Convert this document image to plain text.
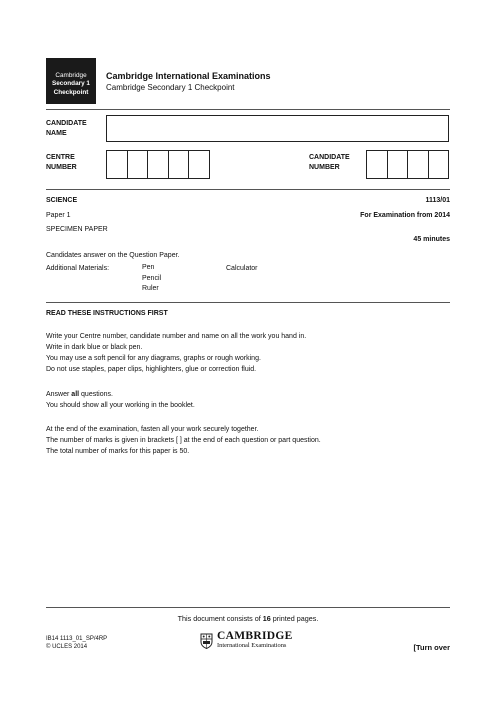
Cambridge
Secondary 1
Checkpoint
Cambridge International Examinations
Cambridge Secondary 1 Checkpoint
CANDIDATE
NAME
CENTRE
NUMBER
CANDIDATE
NUMBER
SCIENCE	1113/01
Paper 1	For Examination from 2014
SPECIMEN PAPER
45 minutes
Candidates answer on the Question Paper.
Additional Materials:	Pen
Pencil
Ruler
Calculator
READ THESE INSTRUCTIONS FIRST
Write your Centre number, candidate number and name on all the work you hand in.
Write in dark blue or black pen.
You may use a soft pencil for any diagrams, graphs or rough working.
Do not use staples, paper clips, highlighters, glue or correction fluid.
Answer all questions.
You should show all your working in the booklet.
At the end of the examination, fasten all your work securely together.
The number of marks is given in brackets [ ] at the end of each question or part question.
The total number of marks for this paper is 50.
This document consists of 16 printed pages.
IB14 1113_01_SP/4RP
© UCLES 2014
CAMBRIDGE
International Examinations	[Turn over
